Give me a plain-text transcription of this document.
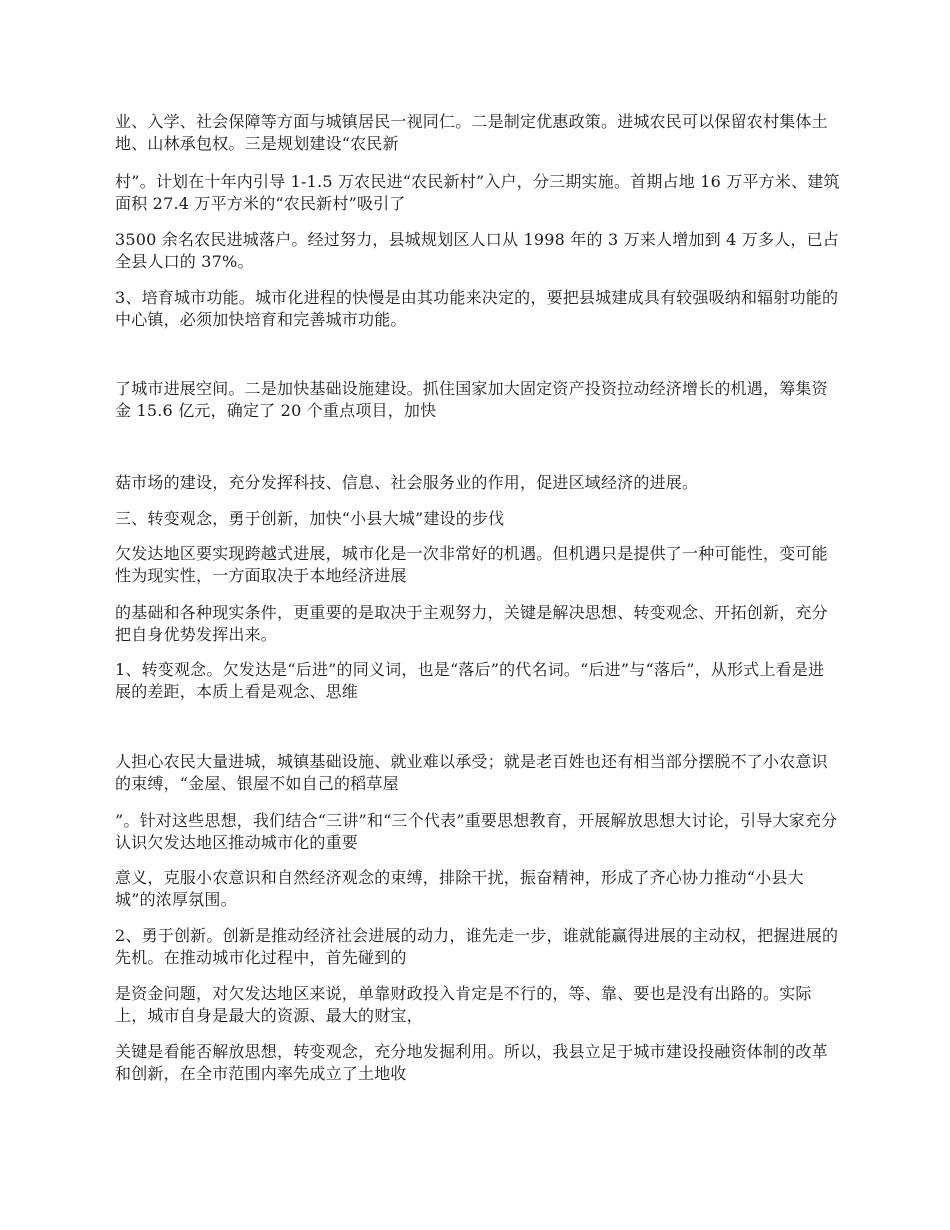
业、入学、社会保障等方面与城镇居民一视同仁。二是制定优惠政策。进城农民可以保留农村集体土地、山林承包权。三是规划建设“农民新

村”。计划在十年内引导 1-1.5 万农民进“农民新村”入户，分三期实施。首期占地 16 万平方米、建筑面积 27.4 万平方米的“农民新村”吸引了

3500 余名农民进城落户。经过努力，县城规划区人口从 1998 年的 3 万来人增加到 4 万多人，已占全县人口的 37%。

3、培育城市功能。城市化进程的快慢是由其功能来决定的，要把县城建成具有较强吸纳和辐射功能的中心镇，必须加快培育和完善城市功能。

了城市进展空间。二是加快基础设施建设。抓住国家加大固定资产投资拉动经济增长的机遇，筹集资金 15.6 亿元，确定了 20 个重点项目，加快

菇市场的建设，充分发挥科技、信息、社会服务业的作用，促进区域经济的进展。

三、转变观念，勇于创新，加快“小县大城”建设的步伐

欠发达地区要实现跨越式进展，城市化是一次非常好的机遇。但机遇只是提供了一种可能性，变可能性为现实性，一方面取决于本地经济进展

的基础和各种现实条件，更重要的是取决于主观努力，关键是解决思想、转变观念、开拓创新，充分把自身优势发挥出来。

1、转变观念。欠发达是“后进”的同义词，也是“落后”的代名词。“后进”与“落后”，从形式上看是进展的差距，本质上看是观念、思维

人担心农民大量进城，城镇基础设施、就业难以承受；就是老百姓也还有相当部分摆脱不了小农意识的束缚，“金屋、银屋不如自己的稻草屋

”。针对这些思想，我们结合“三讲”和“三个代表”重要思想教育，开展解放思想大讨论，引导大家充分认识欠发达地区推动城市化的重要

意义，克服小农意识和自然经济观念的束缚，排除干扰，振奋精神，形成了齐心协力推动“小县大城”的浓厚氛围。

2、勇于创新。创新是推动经济社会进展的动力，谁先走一步，谁就能赢得进展的主动权，把握进展的先机。在推动城市化过程中，首先碰到的

是资金问题，对欠发达地区来说，单靠财政投入肯定是不行的，等、靠、要也是没有出路的。实际上，城市自身是最大的资源、最大的财宝，

关键是看能否解放思想，转变观念，充分地发掘利用。所以，我县立足于城市建设投融资体制的改革和创新，在全市范围内率先成立了土地收
